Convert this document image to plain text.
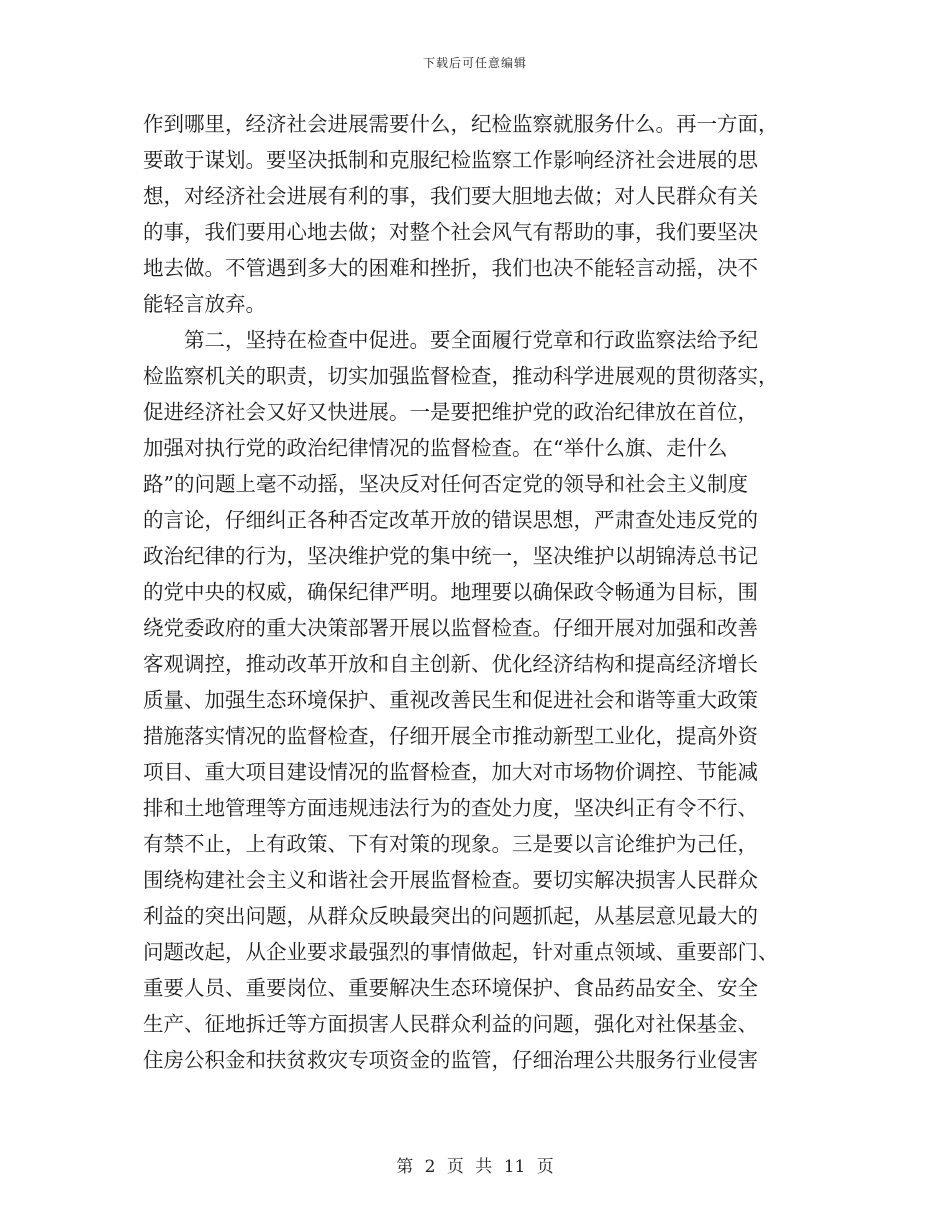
下载后可任意编辑
作到哪里，经济社会进展需要什么，纪检监察就服务什么。再一方面，
要敢于谋划。要坚决抵制和克服纪检监察工作影响经济社会进展的思
想，对经济社会进展有利的事，我们要大胆地去做；对人民群众有关
的事，我们要用心地去做；对整个社会风气有帮助的事，我们要坚决
地去做。不管遇到多大的困难和挫折，我们也决不能轻言动摇，决不
能轻言放弃。
　　第二，坚持在检查中促进。要全面履行党章和行政监察法给予纪
检监察机关的职责，切实加强监督检查，推动科学进展观的贯彻落实，
促进经济社会又好又快进展。一是要把维护党的政治纪律放在首位，
加强对执行党的政治纪律情况的监督检查。在“举什么旗、走什么
路”的问题上毫不动摇，坚决反对任何否定党的领导和社会主义制度
的言论，仔细纠正各种否定改革开放的错误思想，严肃查处违反党的
政治纪律的行为，坚决维护党的集中统一，坚决维护以胡锦涛总书记
的党中央的权威，确保纪律严明。地理要以确保政令畅通为目标，围
绕党委政府的重大决策部署开展以监督检查。仔细开展对加强和改善
客观调控，推动改革开放和自主创新、优化经济结构和提高经济增长
质量、加强生态环境保护、重视改善民生和促进社会和谐等重大政策
措施落实情况的监督检查，仔细开展全市推动新型工业化，提高外资
项目、重大项目建设情况的监督检查，加大对市场物价调控、节能减
排和土地管理等方面违规违法行为的查处力度，坚决纠正有令不行、
有禁不止，上有政策、下有对策的现象。三是要以言论维护为己任，
围绕构建社会主义和谐社会开展监督检查。要切实解决损害人民群众
利益的突出问题，从群众反映最突出的问题抓起，从基层意见最大的
问题改起，从企业要求最强烈的事情做起，针对重点领域、重要部门、
重要人员、重要岗位、重要解决生态环境保护、食品药品安全、安全
生产、征地拆迁等方面损害人民群众利益的问题，强化对社保基金、
住房公积金和扶贫救灾专项资金的监管，仔细治理公共服务行业侵害
第 2 页 共 11 页
